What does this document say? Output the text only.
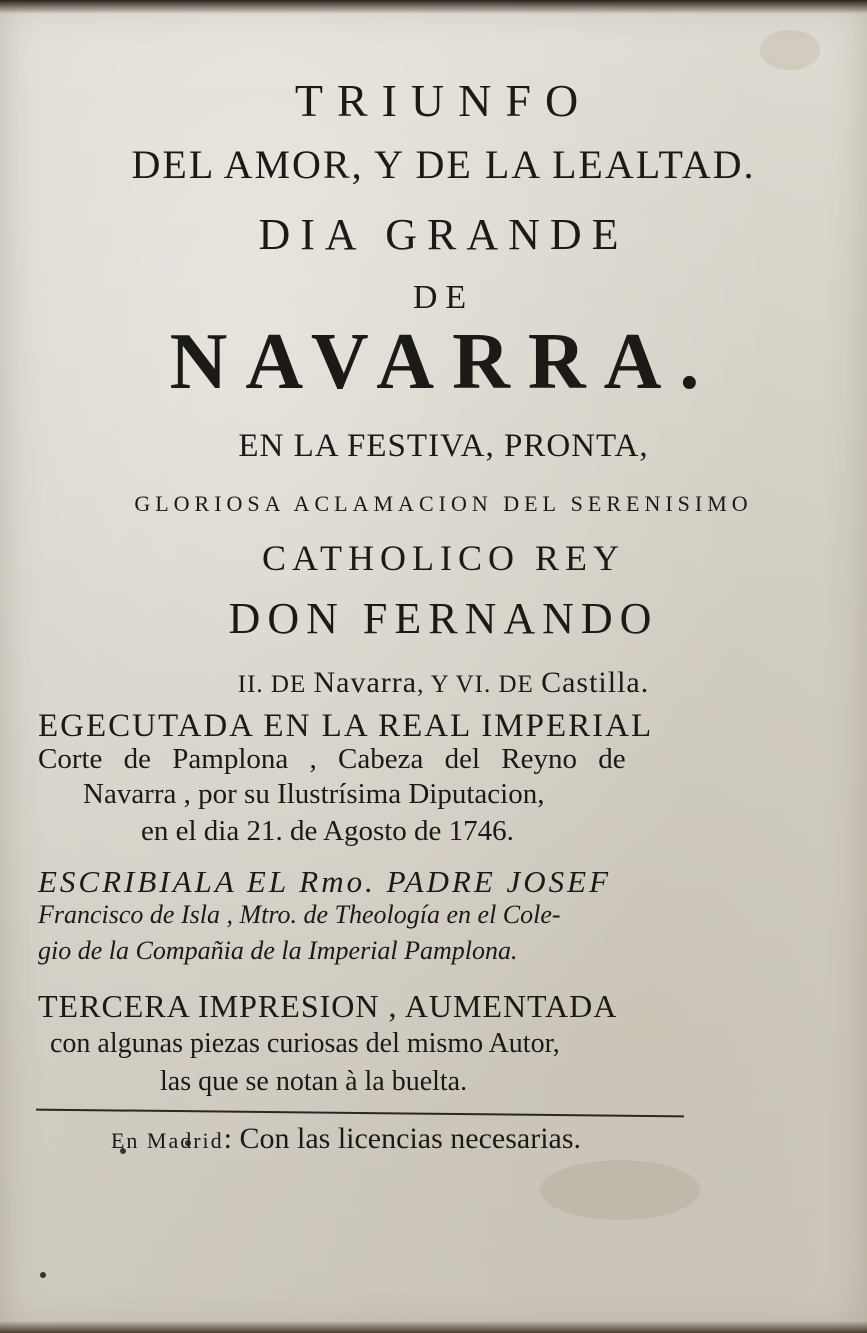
TRIUNFO
DEL AMOR, Y DE LA LEALTAD.
DIA GRANDE
DE
NAVARRA.
EN LA FESTIVA, PRONTA,
GLORIOSA ACLAMACION DEL SERENISIMO
CATHOLICO REY
DON FERNANDO
II. DE Navarra, Y VI. DE Castilla.
EGECUTADA EN LA REAL IMPERIAL
Corte de Pamplona , Cabeza del Reyno de
Navarra , por su Ilustrísima Diputacion,
en el dia 21. de Agosto de 1746.
ESCRIBIALA EL Rmo. PADRE JOSEF
Francisco de Isla , Mtro. de Theología en el Cole-
gio de la Compañia de la Imperial Pamplona.
TERCERA IMPRESION , AUMENTADA
con algunas piezas curiosas del mismo Autor,
las que se notan à la buelta.
En Madrid: Con las licencias necesarias.
